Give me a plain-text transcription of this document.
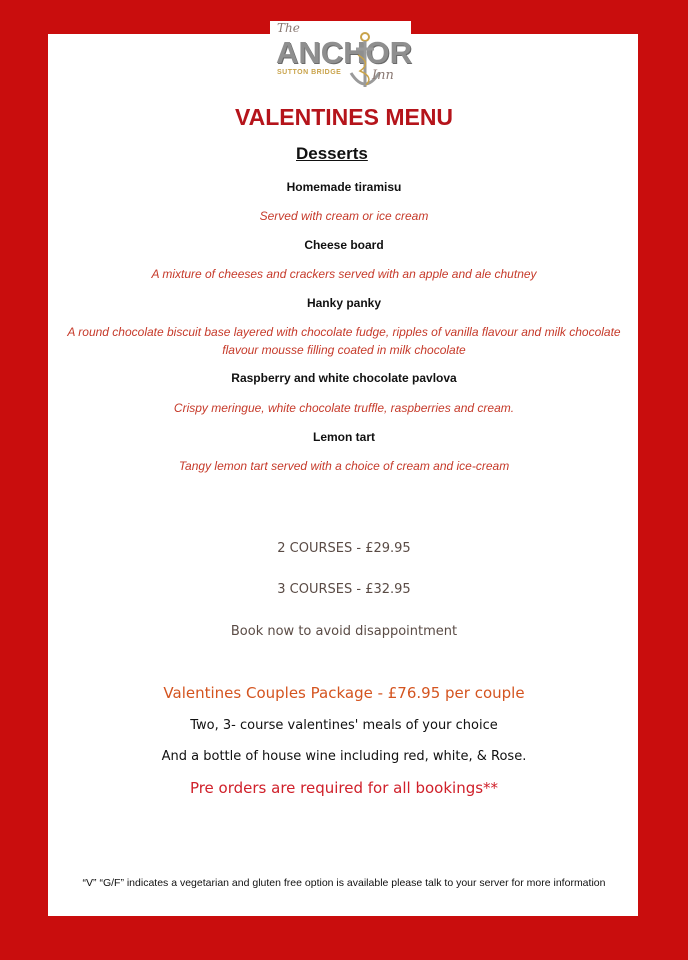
The
ANCHOR
SUTTON BRIDGE Inn
VALENTINES MENU
Desserts
Homemade tiramisu
Served with cream or ice cream
Cheese board
A mixture of cheeses and crackers served with an apple and ale chutney
Hanky panky
A round chocolate biscuit base layered with chocolate fudge, ripples of vanilla flavour and milk chocolate
flavour mousse filling coated in milk chocolate
Raspberry and white chocolate pavlova
Crispy meringue, white chocolate truffle, raspberries and cream.
Lemon tart
Tangy lemon tart served with a choice of cream and ice-cream
2 COURSES - £29.95
3 COURSES - £32.95
Book now to avoid disappointment
Valentines Couples Package - £76.95 per couple
Two, 3- course valentines' meals of your choice
And a bottle of house wine including red, white, & Rose.
Pre orders are required for all bookings**
“V” “G/F” indicates a vegetarian and gluten free option is available please talk to your server for more information
